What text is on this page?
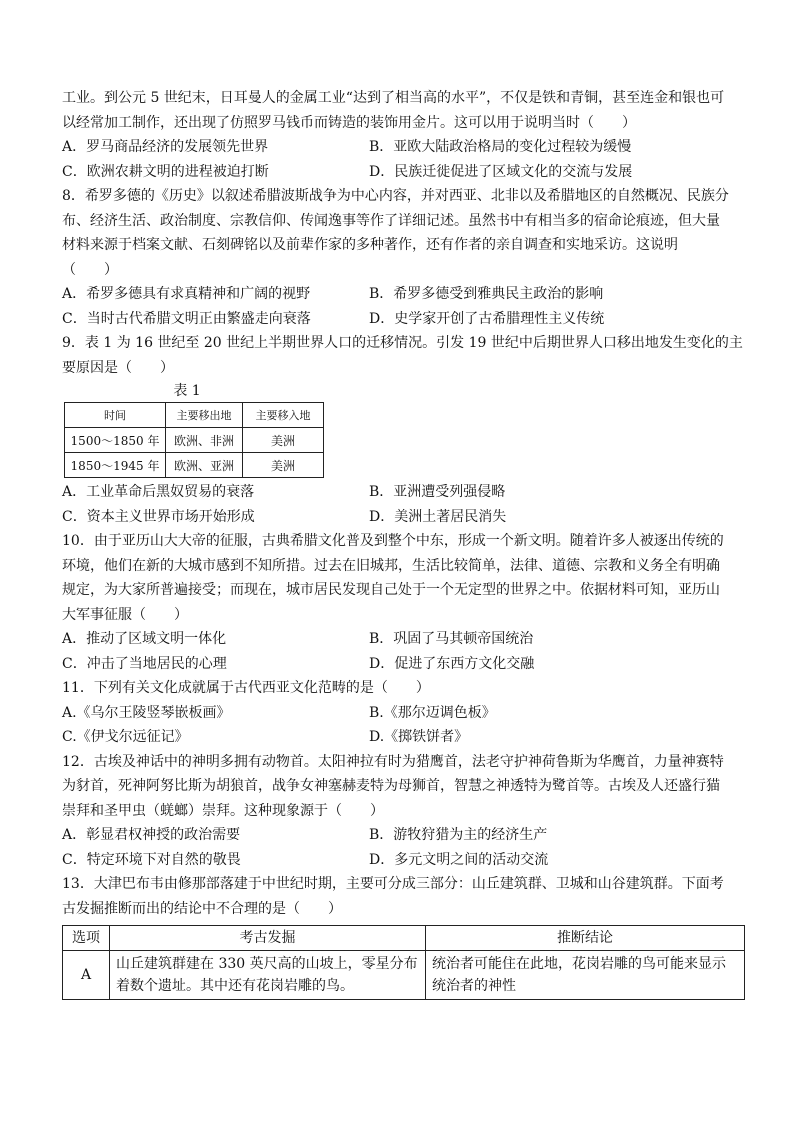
工业。到公元 5 世纪末，日耳曼人的金属工业“达到了相当高的水平”，不仅是铁和青铜，甚至连金和银也可

以经常加工制作，还出现了仿照罗马钱币而铸造的装饰用金片。这可以用于说明当时（　　）

A．罗马商品经济的发展领先世界	B．亚欧大陆政治格局的变化过程较为缓慢
C．欧洲农耕文明的进程被迫打断	D．民族迁徙促进了区域文化的交流与发展

8．希罗多德的《历史》以叙述希腊波斯战争为中心内容，并对西亚、北非以及希腊地区的自然概况、民族分

布、经济生活、政治制度、宗教信仰、传闻逸事等作了详细记述。虽然书中有相当多的宿命论痕迹，但大量

材料来源于档案文献、石刻碑铭以及前辈作家的多种著作，还有作者的亲自调查和实地采访。这说明

（　　）

A．希罗多德具有求真精神和广阔的视野	B．希罗多德受到雅典民主政治的影响
C．当时古代希腊文明正由繁盛走向衰落	D．史学家开创了古希腊理性主义传统

9．表 1 为 16 世纪至 20 世纪上半期世界人口的迁移情况。引发 19 世纪中后期世界人口移出地发生变化的主

要原因是（　　）

表 1

时间	主要移出地	主要移入地
1500～1850 年	欧洲、非洲	美洲
1850～1945 年	欧洲、亚洲	美洲
A．工业革命后黑奴贸易的衰落	B．亚洲遭受列强侵略
C．资本主义世界市场开始形成	D．美洲土著居民消失

10．由于亚历山大大帝的征服，古典希腊文化普及到整个中东，形成一个新文明。随着许多人被逐出传统的

环境，他们在新的大城市感到不知所措。过去在旧城邦，生活比较简单，法律、道德、宗教和义务全有明确

规定，为大家所普遍接受；而现在，城市居民发现自己处于一个无定型的世界之中。依据材料可知，亚历山

大军事征服（　　）

A．推动了区域文明一体化	B．巩固了马其顿帝国统治
C．冲击了当地居民的心理	D．促进了东西方文化交融

11．下列有关文化成就属于古代西亚文化范畴的是（　　）

A.《乌尔王陵竖琴嵌板画》	B.《那尔迈调色板》
C.《伊戈尔远征记》	D.《掷铁饼者》

12．古埃及神话中的神明多拥有动物首。太阳神拉有时为猎鹰首，法老守护神荷鲁斯为华鹰首，力量神赛特

为豺首，死神阿努比斯为胡狼首，战争女神塞赫麦特为母狮首，智慧之神透特为鹭首等。古埃及人还盛行猫

崇拜和圣甲虫（蜣螂）崇拜。这种现象源于（　　）

A．彰显君权神授的政治需要	B．游牧狩猎为主的经济生产
C．特定环境下对自然的敬畏	D．多元文明之间的活动交流

13．大津巴布韦由修那部落建于中世纪时期，主要可分成三部分：山丘建筑群、卫城和山谷建筑群。下面考

古发掘推断而出的结论中不合理的是（　　）

选项	考古发掘	推断结论
A	山丘建筑群建在 330 英尺高的山坡上，零星分布着数个遗址。其中还有花岗岩雕的鸟。	统治者可能住在此地，花岗岩雕的鸟可能来显示统治者的神性
